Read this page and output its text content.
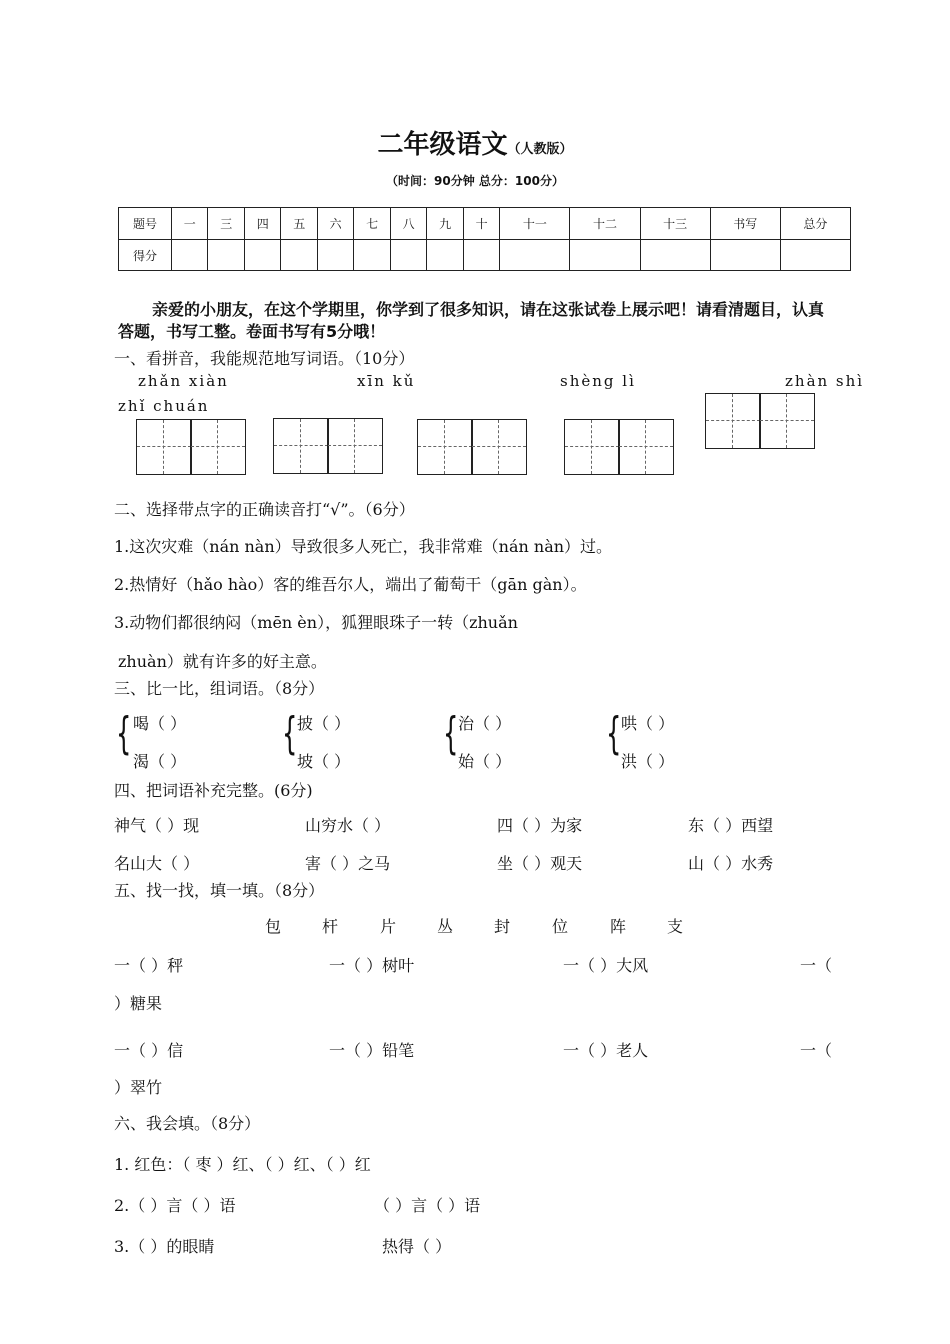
二年级语文（人教版）
（时间：90分钟 总分：100分）
题号	一	三	四	五	六	七	八	九	十	十一	十二	十三	书写	总分
得分														
亲爱的小朋友，在这个学期里，你学到了很多知识，请在这张试卷上展示吧！请看清题目，认真答题，书写工整。卷面书写有5分哦！
一、看拼音，我能规范地写词语。（10分）
zhǎn xiàn	xīn kǔ	shèng lì	zhàn shì
zhǐ chuán
二、选择带点字的正确读音打“√”。（6分）
1.这次灾难（nán nàn）导致很多人死亡，我非常难（nán nàn）过。
2.热情好（hǎo hào）客的维吾尔人，端出了葡萄干（gān gàn）。
3.动物们都很纳闷（mēn èn），狐狸眼珠子一转（zhuǎn
zhuàn）就有许多的好主意。
三、比一比，组词语。（8分）
{ 喝（ ）
渴（ ）
{ 披（ ）
坡（ ）
{ 治（ ）
始（ ）
{ 哄（ ）
洪（ ）
四、把词语补充完整。(6分)
神气（ ）现	山穷水（ ）	四（ ）为家	东（ ）西望
名山大（ ）	害（ ）之马	坐（ ）观天	山（ ）水秀
五、找一找，填一填。（8分）
包	杆	片	丛	封	位	阵	支
一（ ）秤	一（ ）树叶	一（ ）大风	一（
）糖果
一（ ）信	一（ ）铅笔	一（ ）老人	一（
）翠竹
六、我会填。（8分）
1. 红色：（ 枣 ）红、（ ）红、（ ）红
2.（ ）言（ ）语	（ ）言（ ）语
3.（ ）的眼睛	热得（ ）
